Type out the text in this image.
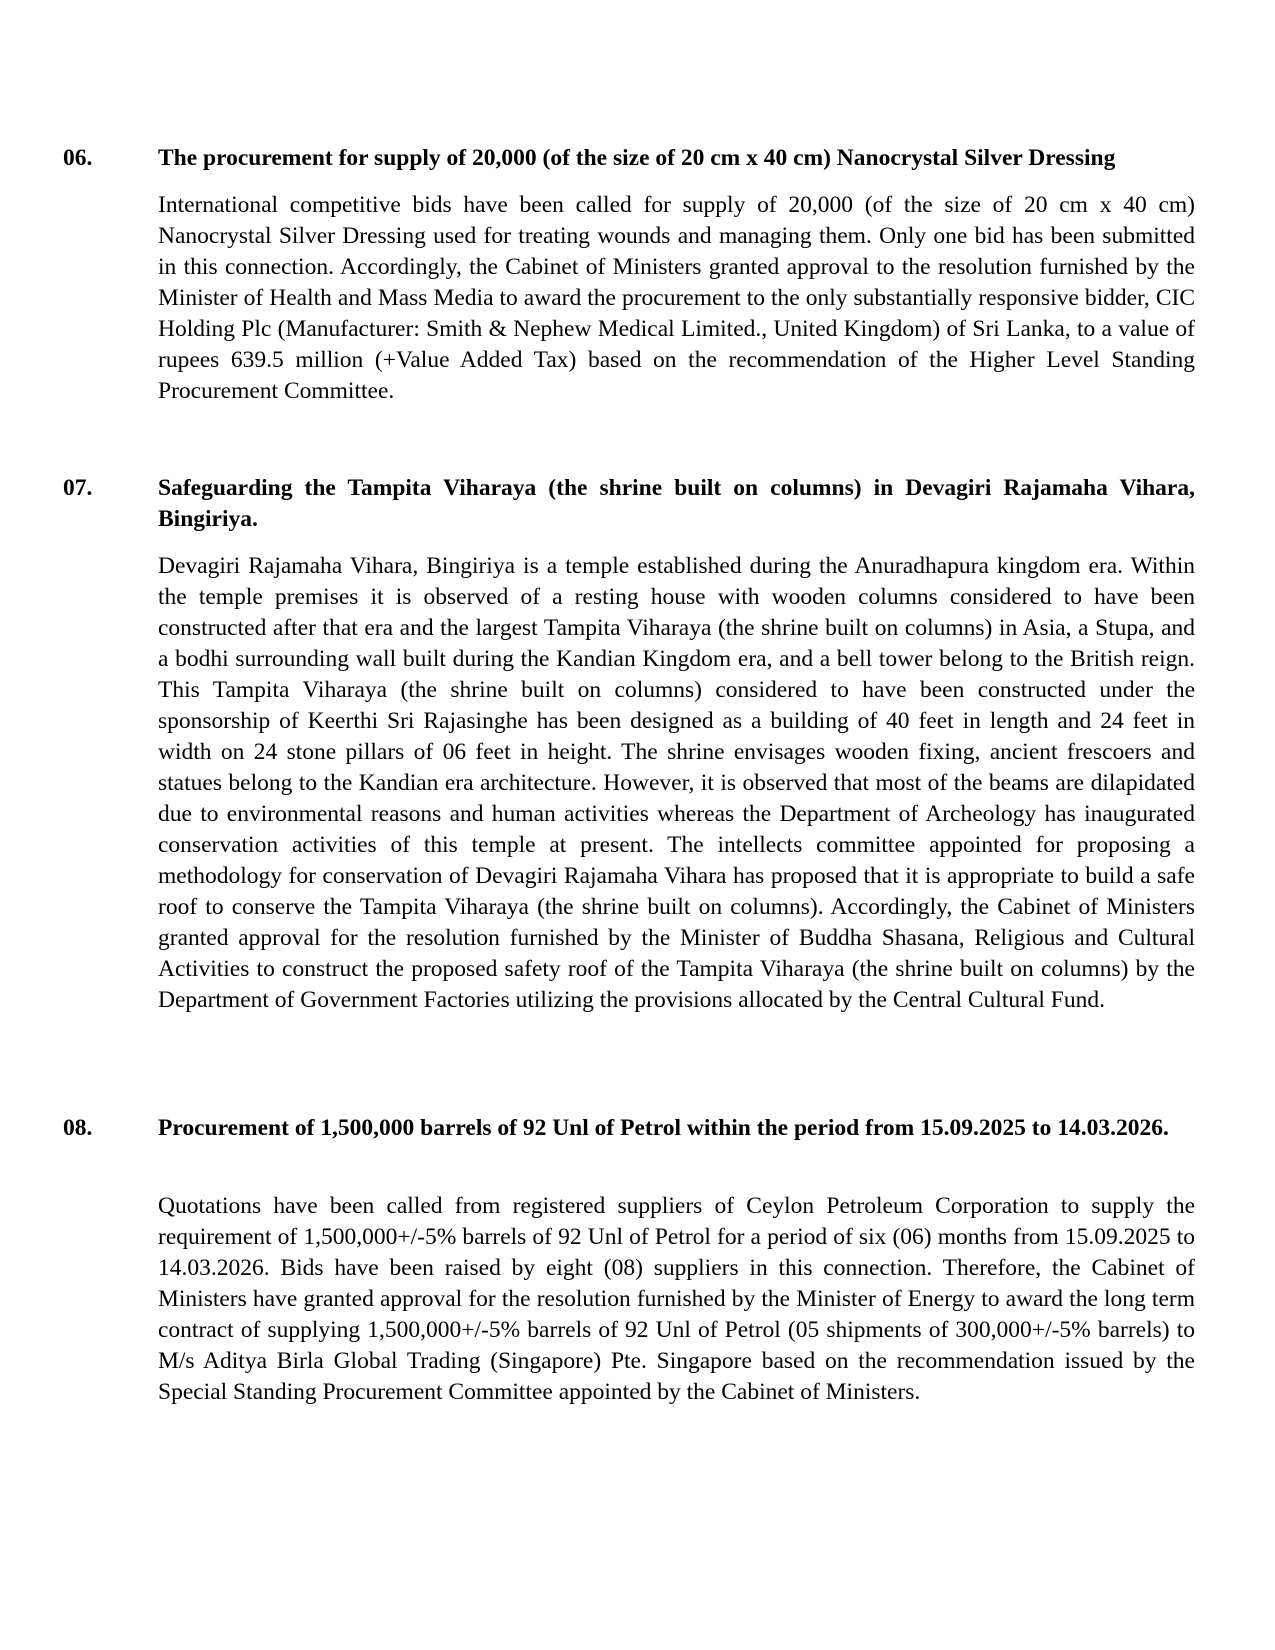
06.	The procurement for supply of 20,000 (of the size of 20 cm x 40 cm) Nanocrystal Silver Dressing
International competitive bids have been called for supply of 20,000 (of the size of 20 cm x 40 cm) Nanocrystal Silver Dressing used for treating wounds and managing them. Only one bid has been submitted in this connection. Accordingly, the Cabinet of Ministers granted approval to the resolution furnished by the Minister of Health and Mass Media to award the procurement to the only substantially responsive bidder, CIC Holding Plc (Manufacturer: Smith & Nephew Medical Limited., United Kingdom) of Sri Lanka, to a value of rupees 639.5 million (+Value Added Tax) based on the recommendation of the Higher Level Standing Procurement Committee.
07.	Safeguarding the Tampita Viharaya (the shrine built on columns) in Devagiri Rajamaha Vihara, Bingiriya.
Devagiri Rajamaha Vihara, Bingiriya is a temple established during the Anuradhapura kingdom era. Within the temple premises it is observed of a resting house with wooden columns considered to have been constructed after that era and the largest Tampita Viharaya (the shrine built on columns) in Asia, a Stupa, and a bodhi surrounding wall built during the Kandian Kingdom era, and a bell tower belong to the British reign. This Tampita Viharaya (the shrine built on columns) considered to have been constructed under the sponsorship of Keerthi Sri Rajasinghe has been designed as a building of 40 feet in length and 24 feet in width on 24 stone pillars of 06 feet in height. The shrine envisages wooden fixing, ancient frescoers and statues belong to the Kandian era architecture. However, it is observed that most of the beams are dilapidated due to environmental reasons and human activities whereas the Department of Archeology has inaugurated conservation activities of this temple at present. The intellects committee appointed for proposing a methodology for conservation of Devagiri Rajamaha Vihara has proposed that it is appropriate to build a safe roof to conserve the Tampita Viharaya (the shrine built on columns). Accordingly, the Cabinet of Ministers granted approval for the resolution furnished by the Minister of Buddha Shasana, Religious and Cultural Activities to construct the proposed safety roof of the Tampita Viharaya (the shrine built on columns) by the Department of Government Factories utilizing the provisions allocated by the Central Cultural Fund.
08.	Procurement of 1,500,000 barrels of 92 Unl of Petrol within the period from 15.09.2025 to 14.03.2026.
Quotations have been called from registered suppliers of Ceylon Petroleum Corporation to supply the requirement of 1,500,000+/-5% barrels of 92 Unl of Petrol for a period of six (06) months from 15.09.2025 to 14.03.2026. Bids have been raised by eight (08) suppliers in this connection. Therefore, the Cabinet of Ministers have granted approval for the resolution furnished by the Minister of Energy to award the long term contract of supplying 1,500,000+/-5% barrels of 92 Unl of Petrol (05 shipments of 300,000+/-5% barrels) to M/s Aditya Birla Global Trading (Singapore) Pte. Singapore based on the recommendation issued by the Special Standing Procurement Committee appointed by the Cabinet of Ministers.
